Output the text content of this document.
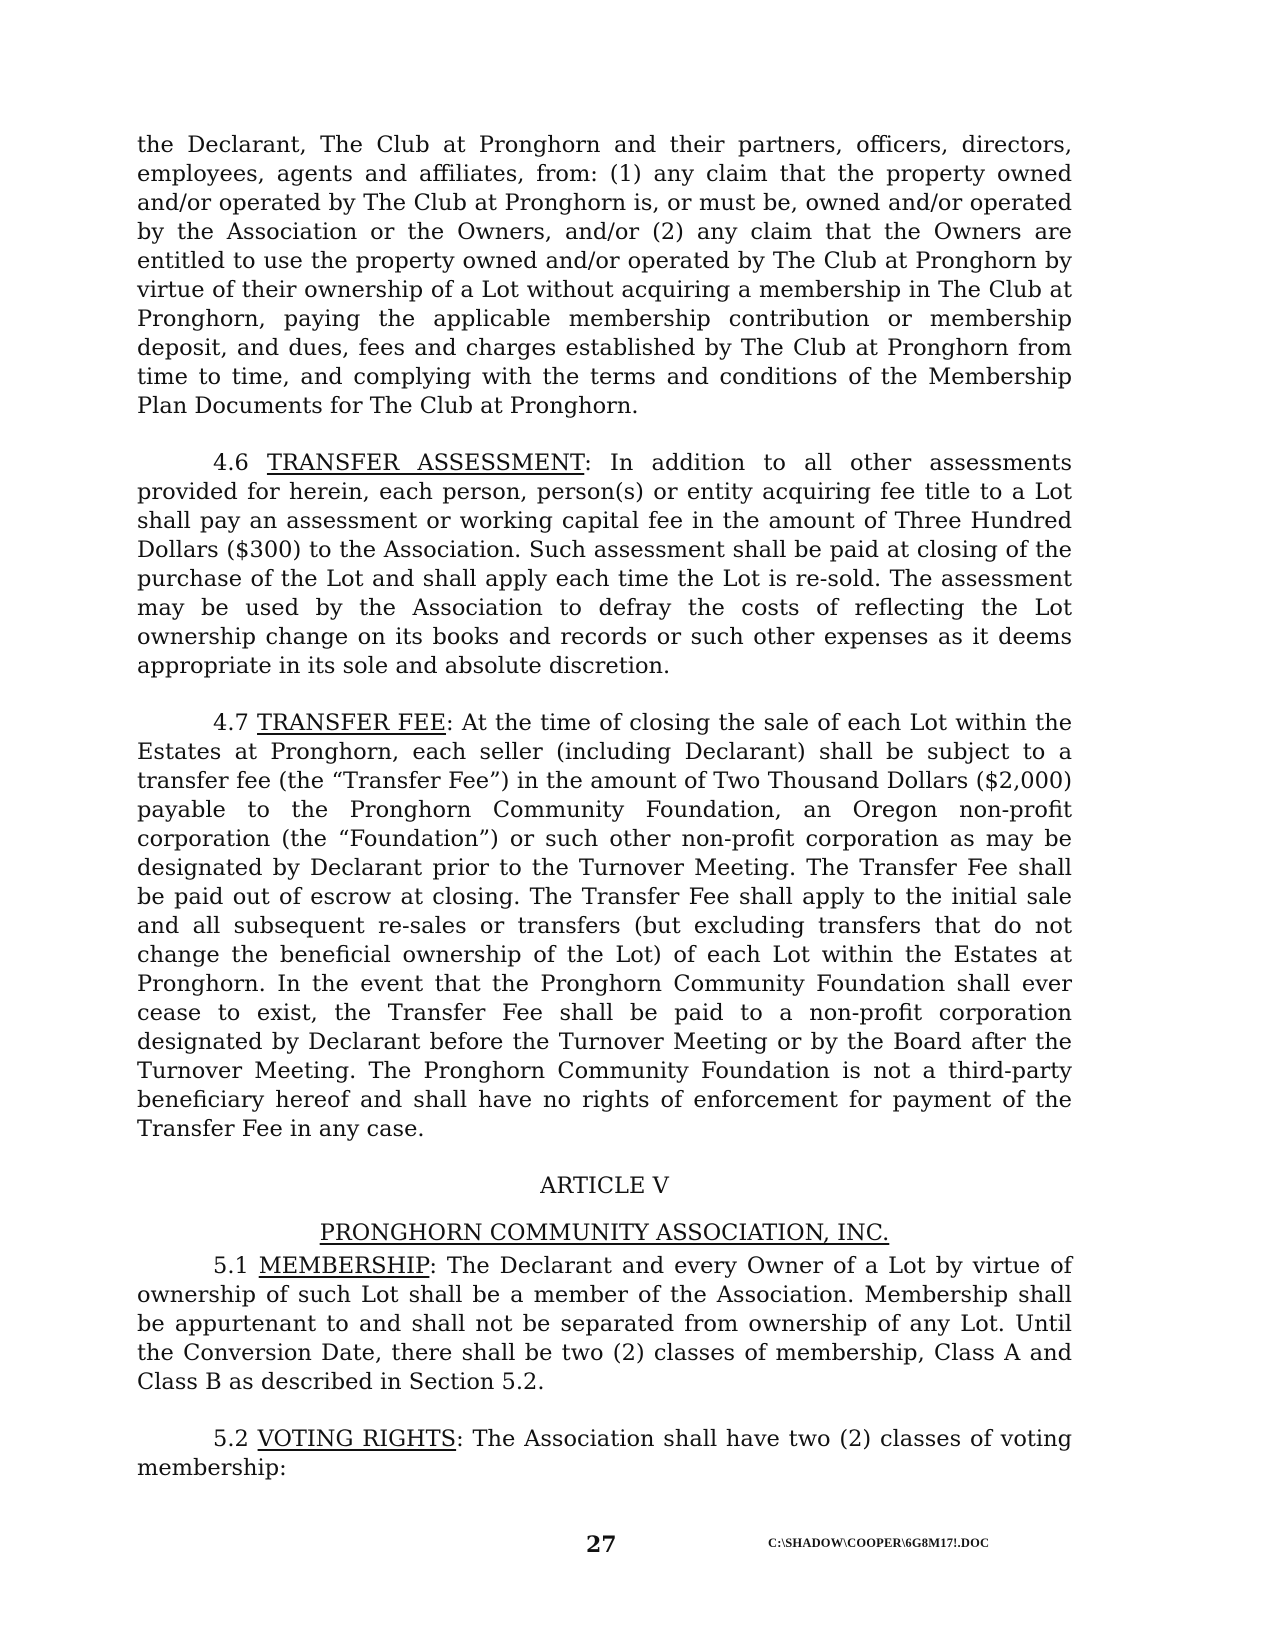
the Declarant, The Club at Pronghorn and their partners, officers, directors, employees, agents and affiliates, from: (1) any claim that the property owned and/or operated by The Club at Pronghorn is, or must be, owned and/or operated by the Association or the Owners, and/or (2) any claim that the Owners are entitled to use the property owned and/or operated by The Club at Pronghorn by virtue of their ownership of a Lot without acquiring a membership in The Club at Pronghorn, paying the applicable membership contribution or membership deposit, and dues, fees and charges established by The Club at Pronghorn from time to time, and complying with the terms and conditions of the Membership Plan Documents for The Club at Pronghorn.

4.6 TRANSFER ASSESSMENT: In addition to all other assessments provided for herein, each person, person(s) or entity acquiring fee title to a Lot shall pay an assessment or working capital fee in the amount of Three Hundred Dollars ($300) to the Association. Such assessment shall be paid at closing of the purchase of the Lot and shall apply each time the Lot is re-sold. The assessment may be used by the Association to defray the costs of reflecting the Lot ownership change on its books and records or such other expenses as it deems appropriate in its sole and absolute discretion.

4.7 TRANSFER FEE: At the time of closing the sale of each Lot within the Estates at Pronghorn, each seller (including Declarant) shall be subject to a transfer fee (the “Transfer Fee”) in the amount of Two Thousand Dollars ($2,000) payable to the Pronghorn Community Foundation, an Oregon non-profit corporation (the “Foundation”) or such other non-profit corporation as may be designated by Declarant prior to the Turnover Meeting. The Transfer Fee shall be paid out of escrow at closing. The Transfer Fee shall apply to the initial sale and all subsequent re-sales or transfers (but excluding transfers that do not change the beneficial ownership of the Lot) of each Lot within the Estates at Pronghorn. In the event that the Pronghorn Community Foundation shall ever cease to exist, the Transfer Fee shall be paid to a non-profit corporation designated by Declarant before the Turnover Meeting or by the Board after the Turnover Meeting. The Pronghorn Community Foundation is not a third-party beneficiary hereof and shall have no rights of enforcement for payment of the Transfer Fee in any case.

ARTICLE V

PRONGHORN COMMUNITY ASSOCIATION, INC.

5.1 MEMBERSHIP: The Declarant and every Owner of a Lot by virtue of ownership of such Lot shall be a member of the Association. Membership shall be appurtenant to and shall not be separated from ownership of any Lot. Until the Conversion Date, there shall be two (2) classes of membership, Class A and Class B as described in Section 5.2.

5.2 VOTING RIGHTS: The Association shall have two (2) classes of voting membership:

27	C:\SHADOW\COOPER\6G8M17!.DOC
